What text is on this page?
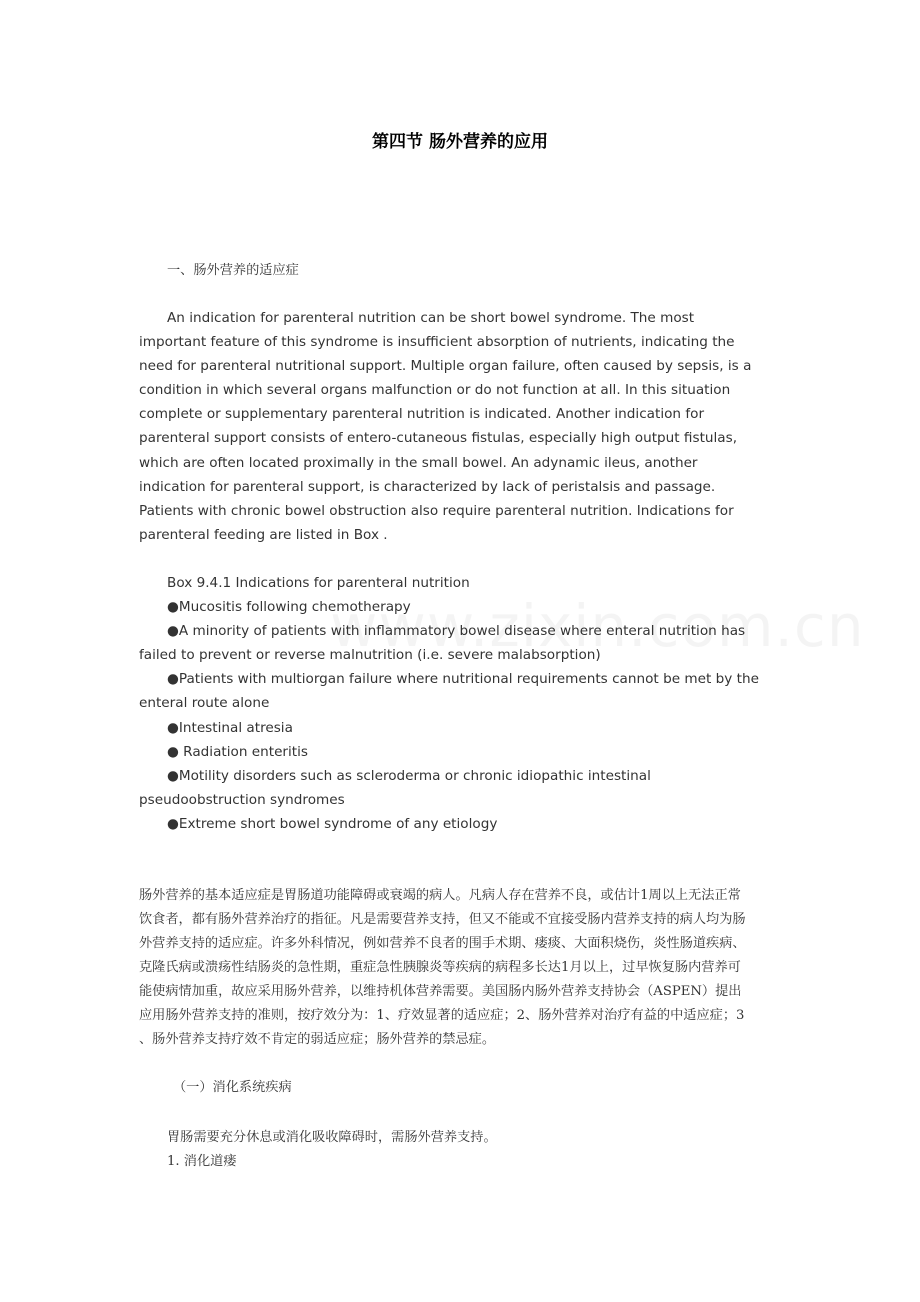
第四节 肠外营养的应用
一、肠外营养的适应症
An indication for parenteral nutrition can be short bowel syndrome. The most
important feature of this syndrome is insufficient absorption of nutrients, indicating the
need for parenteral nutritional support. Multiple organ failure, often caused by sepsis, is a
condition in which several organs malfunction or do not function at all. In this situation
complete or supplementary parenteral nutrition is indicated. Another indication for
parenteral support consists of entero-cutaneous fistulas, especially high output fistulas,
which are often located proximally in the small bowel. An adynamic ileus, another
indication for parenteral support, is characterized by lack of peristalsis and passage.
Patients with chronic bowel obstruction also require parenteral nutrition. Indications for
parenteral feeding are listed in Box .
Box 9.4.1 Indications for parenteral nutrition
●Mucositis following chemotherapy
●A minority of patients with inflammatory bowel disease where enteral nutrition has
failed to prevent or reverse malnutrition (i.e. severe malabsorption)
●Patients with multiorgan failure where nutritional requirements cannot be met by the
enteral route alone
●Intestinal atresia
● Radiation enteritis
●Motility disorders such as scleroderma or chronic idiopathic intestinal
pseudoobstruction syndromes
●Extreme short bowel syndrome of any etiology
肠外营养的基本适应症是胃肠道功能障碍或衰竭的病人。凡病人存在营养不良，或估计1周以上无法正常
饮食者，都有肠外营养治疗的指征。凡是需要营养支持，但又不能或不宜接受肠内营养支持的病人均为肠
外营养支持的适应症。许多外科情况，例如营养不良者的围手术期、瘘痰、大面积烧伤，炎性肠道疾病、
克隆氏病或溃疡性结肠炎的急性期，重症急性胰腺炎等疾病的病程多长达1月以上，过早恢复肠内营养可
能使病情加重，故应采用肠外营养，以维持机体营养需要。美国肠内肠外营养支持协会（ASPEN）提出
应用肠外营养支持的准则，按疗效分为：1、疗效显著的适应症；2、肠外营养对治疗有益的中适应症；3
、肠外营养支持疗效不肯定的弱适应症；肠外营养的禁忌症。
（一）消化系统疾病
胃肠需要充分休息或消化吸收障碍时，需肠外营养支持。
1. 消化道瘘
